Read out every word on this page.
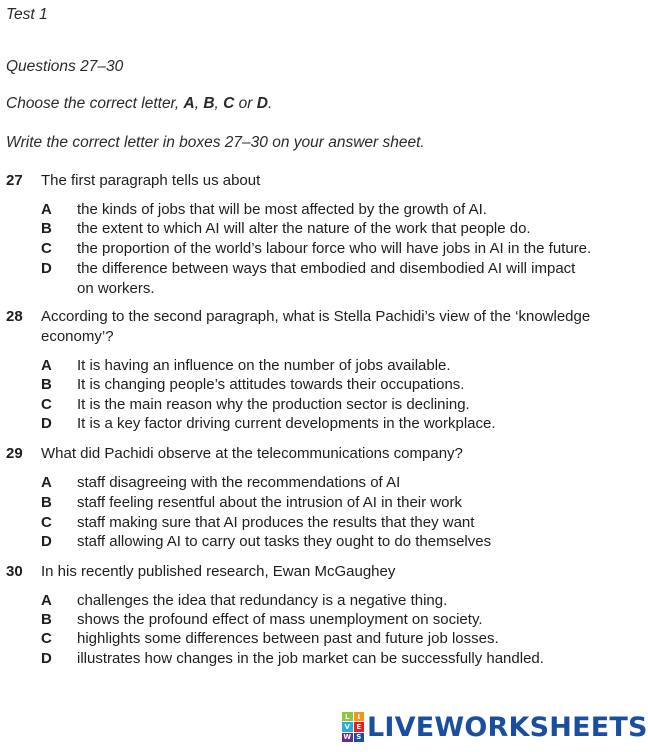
Test 1
Questions 27–30
Choose the correct letter, A, B, C or D.
Write the correct letter in boxes 27–30 on your answer sheet.
27 The first paragraph tells us about
A the kinds of jobs that will be most affected by the growth of AI.
B the extent to which AI will alter the nature of the work that people do.
C the proportion of the world’s labour force who will have jobs in AI in the future.
D the difference between ways that embodied and disembodied AI will impact
on workers.
28 According to the second paragraph, what is Stella Pachidi’s view of the ‘knowledge
economy’?
A It is having an influence on the number of jobs available.
B It is changing people’s attitudes towards their occupations.
C It is the main reason why the production sector is declining.
D It is a key factor driving current developments in the workplace.
29 What did Pachidi observe at the telecommunications company?
A staff disagreeing with the recommendations of AI
B staff feeling resentful about the intrusion of AI in their work
C staff making sure that AI produces the results that they want
D staff allowing AI to carry out tasks they ought to do themselves
30 In his recently published research, Ewan McGaughey
A challenges the idea that redundancy is a negative thing.
B shows the profound effect of mass unemployment on society.
C highlights some differences between past and future job losses.
D illustrates how changes in the job market can be successfully handled.
L	I
V E
W S LIVEWORKSHEETS
